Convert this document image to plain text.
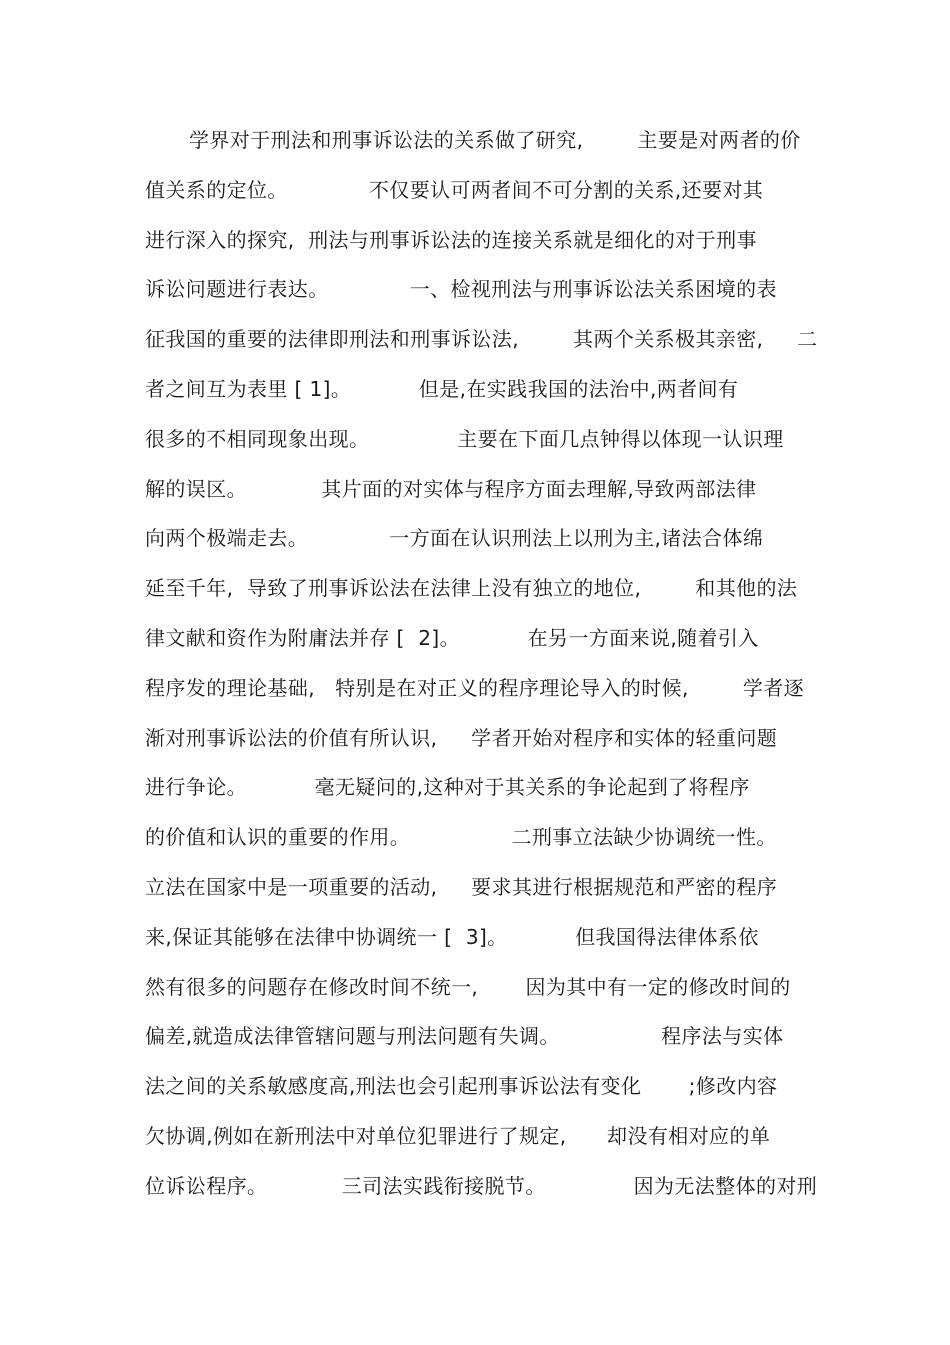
学界对于刑法和刑事诉讼法的关系做了研究,        主要是对两者的价
值关系的定位。            不仅要认可两者间不可分割的关系,还要对其
进行深入的探究,  刑法与刑事诉讼法的连接关系就是细化的对于刑事
诉讼问题进行表达。            一、检视刑法与刑事诉讼法关系困境的表
征我国的重要的法律即刑法和刑事诉讼法,        其两个关系极其亲密,     二
者之间互为表里 [ 1]。          但是,在实践我国的法治中,两者间有
很多的不相同现象出现。             主要在下面几点钟得以体现一认识理
解的误区。           其片面的对实体与程序方面去理解,导致两部法律
向两个极端走去。            一方面在认识刑法上以刑为主,诸法合体绵
延至千年,  导致了刑事诉讼法在法律上没有独立的地位,        和其他的法
律文献和资作为附庸法并存 [  2]。          在另一方面来说,随着引入
程序发的理论基础,   特别是在对正义的程序理论导入的时候,        学者逐
渐对刑事诉讼法的价值有所认识,     学者开始对程序和实体的轻重问题
进行争论。          毫无疑问的,这种对于其关系的争论起到了将程序
的价值和认识的重要的作用。               二刑事立法缺少协调统一性。
立法在国家中是一项重要的活动,     要求其进行根据规范和严密的程序
来,保证其能够在法律中协调统一 [  3]。          但我国得法律体系依
然有很多的问题存在修改时间不统一,       因为其中有一定的修改时间的
偏差,就造成法律管辖问题与刑法问题有失调。               程序法与实体
法之间的关系敏感度高,刑法也会引起刑事诉讼法有变化       ;修改内容
欠协调,例如在新刑法中对单位犯罪进行了规定,      却没有相对应的单
位诉讼程序。           三司法实践衔接脱节。             因为无法整体的对刑
